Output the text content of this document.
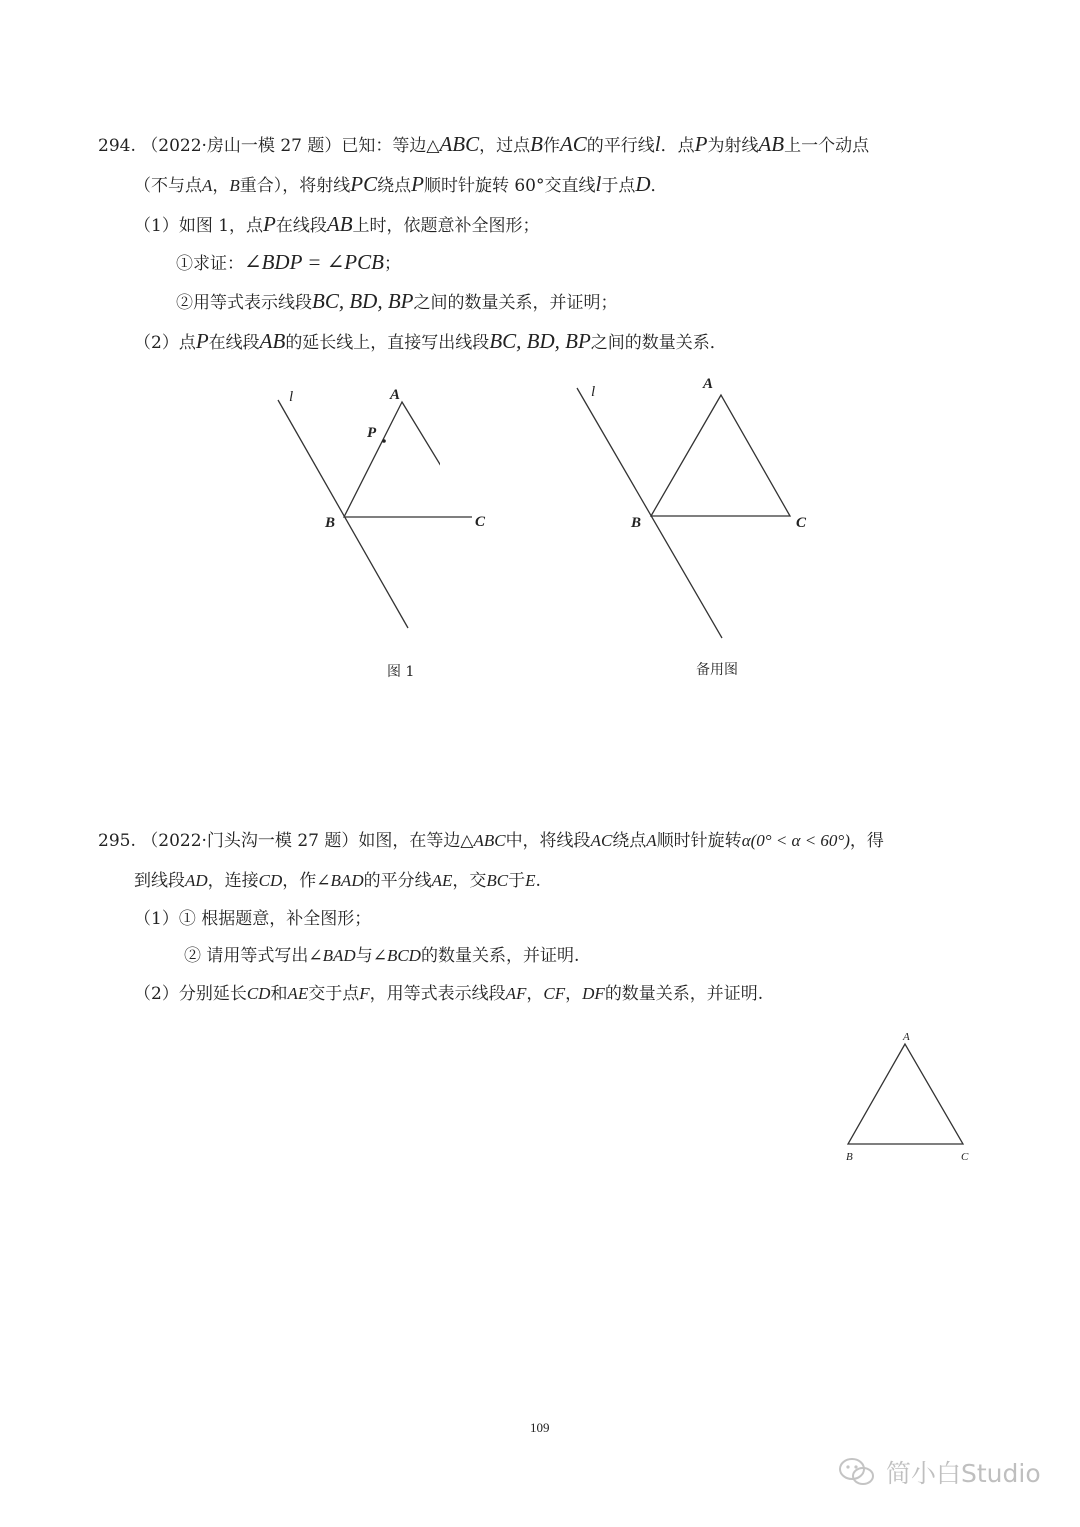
294. （2022·房山一模 27 题）已知：等边△ABC，过点B作AC的平行线l．点P为射线AB上一个动点
（不与点A，B重合），将射线PC绕点P顺时针旋转 60°交直线l于点D．
（1）如图 1，点P在线段AB上时，依题意补全图形；
①求证：∠BDP = ∠PCB；
②用等式表示线段BC, BD, BP之间的数量关系，并证明；
（2）点P在线段AB的延长线上，直接写出线段BC, BD, BP之间的数量关系．
l	A
P
B	C
图 1
l	A
B	C
备用图
295. （2022·门头沟一模 27 题）如图，在等边△ABC中，将线段AC绕点A顺时针旋转α(0° < α < 60°)，得
到线段AD，连接CD，作∠BAD的平分线AE，交BC于E.
（1）① 根据题意，补全图形；
② 请用等式写出∠BAD与∠BCD的数量关系，并证明.
（2）分别延长CD和AE交于点F，用等式表示线段AF，CF，DF的数量关系，并证明.
A
B	C
109
简小白Studio
